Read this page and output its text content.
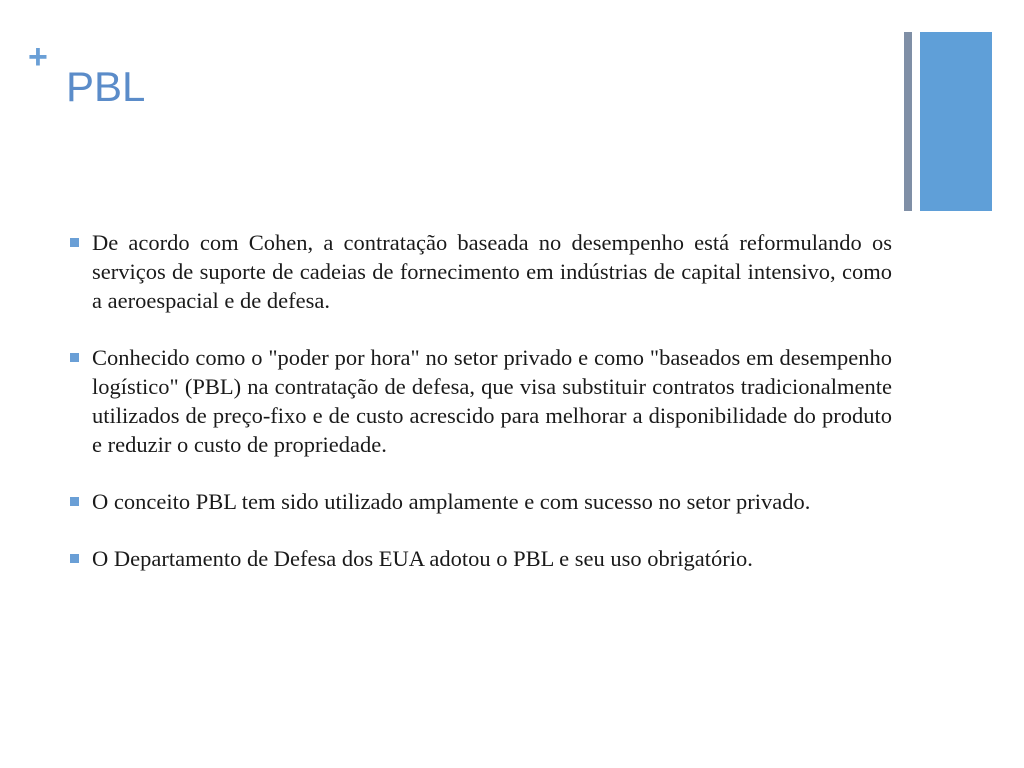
+
PBL
De acordo com Cohen, a contratação baseada no desempenho está reformulando os serviços de suporte de cadeias de fornecimento em indústrias de capital intensivo, como a aeroespacial e de defesa.
Conhecido como o "poder por hora" no setor privado e como "baseados em desempenho logístico" (PBL) na contratação de defesa, que visa substituir contratos tradicionalmente utilizados de preço-fixo e de custo acrescido para melhorar a disponibilidade do produto e reduzir o custo de propriedade.
O conceito PBL tem sido utilizado amplamente e com sucesso no setor privado.
O Departamento de Defesa dos EUA adotou o PBL e seu uso obrigatório.
